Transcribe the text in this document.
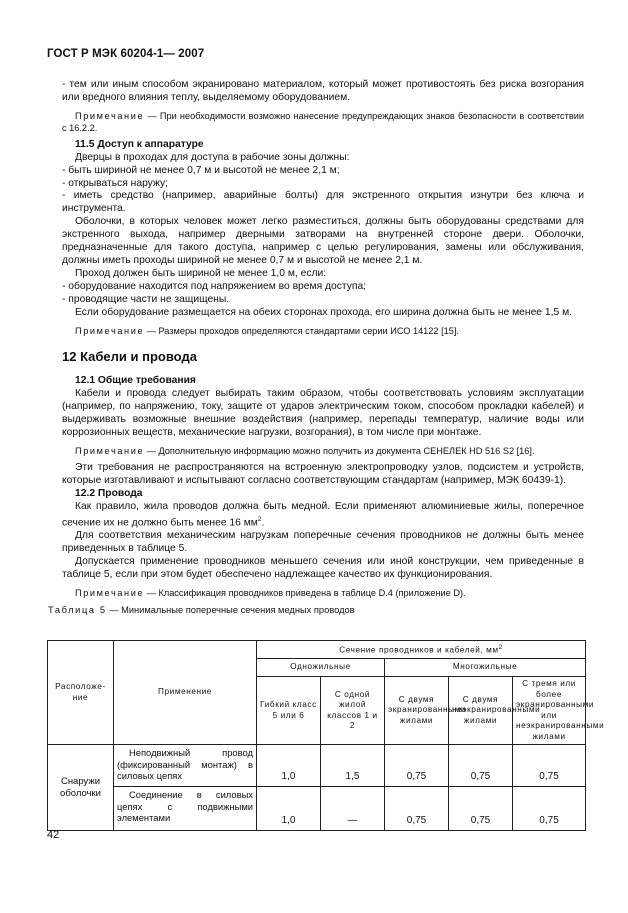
ГОСТ Р МЭК 60204-1— 2007

- тем или иным способом экранировано материалом, который может противостоять без риска возгорания или вредного влияния теплу, выделяемому оборудованием.

Примечание — При необходимости возможно нанесение предупреждающих знаков безопасности в соответствии с 16.2.2.

11.5 Доступ к аппаратуре

Дверцы в проходах для доступа в рабочие зоны должны:

- быть шириной не менее 0,7 м и высотой не менее 2,1 м;

- открываться наружу;

- иметь средство (например, аварийные болты) для экстренного открытия изнутри без ключа и инструмента.

Оболочки, в которых человек может легко разместиться, должны быть оборудованы средствами для экстренного выхода, например дверными затворами на внутренней стороне двери. Оболочки, предназначенные для такого доступа, например с целью регулирования, замены или обслуживания, должны иметь проходы шириной не менее 0,7 м и высотой не менее 2,1 м.

Проход должен быть шириной не менее 1,0 м, если:

- оборудование находится под напряжением во время доступа;

- проводящие части не защищены.

Если оборудование размещается на обеих сторонах прохода, его ширина должна быть не менее 1,5 м.

Примечание — Размеры проходов определяются стандартами серии ИСО 14122 [15].

12 Кабели и провода

12.1 Общие требования

Кабели и провода следует выбирать таким образом, чтобы соответствовать условиям эксплуатации (например, по напряжению, току, защите от ударов электрическим током, способом прокладки кабелей) и выдерживать возможные внешние воздействия (например, перепады температур, наличие воды или коррозионных веществ, механические нагрузки, возгорания), в том числе при монтаже.

Примечание — Дополнительную информацию можно получить из документа СЕНЕЛЕК HD 516 S2 [16].

Эти требования не распространяются на встроенную электропроводку узлов, подсистем и устройств, которые изготавливают и испытывают согласно соответствующим стандартам (например, МЭК 60439-1).

12.2 Провода

Как правило, жила проводов должна быть медной. Если применяют алюминиевые жилы, поперечное сечение их не должно быть менее 16 $мм^2$.

Для соответствия механическим нагрузкам поперечные сечения проводников не должны быть менее приведенных в таблице 5.

Допускается применение проводников меньшего сечения или иной конструкции, чем приведенные в таблице 5, если при этом будет обеспечено надлежащее качество их функционирования.

Примечание — Классификация проводников приведена в таблице D.4 (приложение D).

Таблица 5 — Минимальные поперечные сечения медных проводов

Расположе-ние	Применение	Сечение проводников и кабелей, $мм^2$
		Одножильные		Многожильные		
		Гибкий класс 5 или 6	С одной жилой классов 1 и 2	С двумя экранированными жилами	С двумя неэкранированными жилами	С тремя или более экранированными или неэкранированными жилами
Снаружи оболочки	Неподвижный провод (фиксированный монтаж) в силовых цепях	1,0	1,5	0,75	0,75	0,75
	Соединение в силовых цепях с подвижными элементами	1,0	—	0,75	0,75	0,75
42
